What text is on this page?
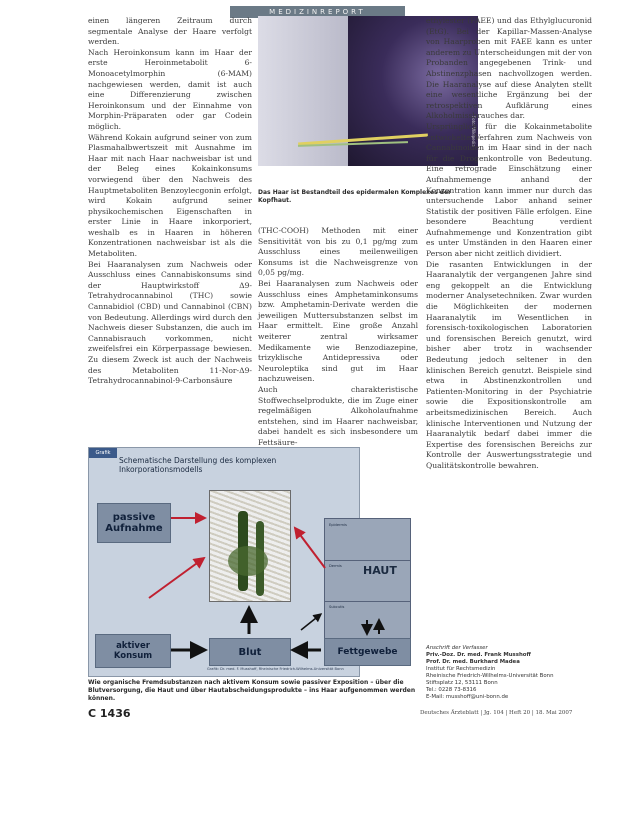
MEDIZINREPORT

einen längeren Zeitraum durch segmentale Analyse der Haare verfolgt werden.

Nach Heroinkonsum kann im Haar der erste Heroinmetabolit 6-Monoacetylmorphin (6-MAM) nachgewiesen werden, damit ist auch eine Differenzierung zwischen Heroinkonsum und der Einnahme von Morphin-Präparaten oder gar Codein möglich.

Während Kokain aufgrund seiner von zum Plasmahalbwertszeit mit Ausnahme im Haar mit nach Haar nachweisbar ist und der Beleg eines Kokainkonsums vorwiegend über den Nachweis des Hauptmetaboliten Benzoylecgonin erfolgt, wird Kokain aufgrund seiner physikochemischen Eigenschaften in erster Linie in Haare inkorporiert, weshalb es in Haaren in höheren Konzentrationen nachweisbar ist als die Metaboliten.

Bei Haaranalysen zum Nachweis oder Ausschluss eines Cannabiskonsums sind der Hauptwirkstoff Δ9-Tetrahydrocannabinol (THC) sowie Cannabidiol (CBD) und Cannabinol (CBN) von Bedeutung. Allerdings wird durch den Nachweis dieser Substanzen, die auch im Cannabisrauch vorkommen, nicht zweifelsfrei ein Körperpassage bewiesen. Zu diesem Zweck ist auch der Nachweis des Metaboliten 11-Nor-Δ9-Tetrahydrocannabinol-9-Carbonsäure

Foto: Wikipedia
Das Haar ist Bestandteil des epidermalen Komplexes der Kopfhaut.

(THC-COOH) Methoden mit einer Sensitivität von bis zu 0,1 pg/mg zum Ausschluss eines meilenweiligen Konsums ist die Nachweisgrenze von 0,05 pg/mg.

Bei Haaranalysen zum Nachweis oder Ausschluss eines Amphetaminkonsums bzw. Amphetamin-Derivate werden die jeweiligen Muttersubstanzen selbst im Haar ermittelt. Eine große Anzahl weiterer zentral wirksamer Medikamente wie Benzodiazepine, trizyklische Antidepressiva oder Neuroleptika sind gut im Haar nachzuweisen.

Auch charakteristische Stoffwechselprodukte, die im Zuge einer regelmäßigen Alkoholaufnahme entstehen, sind im Haarer nachweisbar, dabei handelt es sich insbesondere um Fettsäure-

ethylester (FAEE) und das Ethylglucuronid (EtG). Bei der Kapillar-Massen-Analyse von Haarproben mit FAEE kann es unter anderem zu Unterscheidungen mit der von Probanden angegebenen Trink- und Abstinenzphasen nachvollzogen werden. Die Haaranalyse auf diese Analyten stellt eine wesentliche Ergänzung bei der retrospektiven Aufklärung eines Alkoholmissbrauches dar.

Ursprünglich für die Kokainmetabolite entwickelte Verfahren zum Nachweis von Cannabinoiden im Haar sind in der nach für die Drogenkontrolle von Bedeutung. Eine retrograde Einschätzung einer Aufnahmemenge anhand der Konzentration kann immer nur durch das untersuchende Labor anhand seiner Statistik der positiven Fälle erfolgen. Eine besondere Beachtung verdient Aufnahmemenge und Konzentration gibt es unter Umständen in den Haaren einer Person aber nicht zeitlich dividiert.

Die rasanten Entwicklungen in der Haaranalytik der vergangenen Jahre sind eng gekoppelt an die Entwicklung moderner Analysetechniken. Zwar wurden die Möglichkeiten der modernen Haaranalytik im Wesentlichen in forensisch-toxikologischen Laboratorien und forensischen Bereich genutzt, wird bisher aber trotz in wachsender Bedeutung jedoch seltener in den klinischen Bereich genutzt. Beispiele sind etwa in Abstinenzkontrollen und Patienten-Monitoring in der Psychiatrie sowie die Expositionskontrolle am arbeitsmedizinischen Bereich. Auch klinische Interventionen und Nutzung der Haaranalytik bedarf dabei immer die Expertise des forensischen Bereichs zur Kontrolle der Auswertungsstrategie und Qualitätskontrolle bewahren.

Grafik
Schematische Darstellung des komplexen Inkorporationsmodells
passive Aufnahme	Epidermis
Dermis
Subcutis
HAUT
aktiver Konsum	Blut	Fettgewebe
Grafik: Dr. med. F. Musshoff, Rheinische Friedrich-Wilhelms-Universität Bonn
Wie organische Fremdsubstanzen nach aktivem Konsum sowie passiver Exposition – über die Blutversorgung, die Haut und über Hautabscheidungsprodukte – ins Haar aufgenommen werden können.
Anschrift der Verfasser
Priv.-Doz. Dr. med. Frank Musshoff
Prof. Dr. med. Burkhard Madea
Institut für Rechtsmedizin
Rheinische Friedrich-Wilhelms-Universität Bonn
Stiftsplatz 12, 53111 Bonn
Tel.: 0228 73-8316
E-Mail: musshoff@uni-bonn.de
C 1436	Deutsches Ärzteblatt | Jg. 104 | Heft 20 | 18. Mai 2007
